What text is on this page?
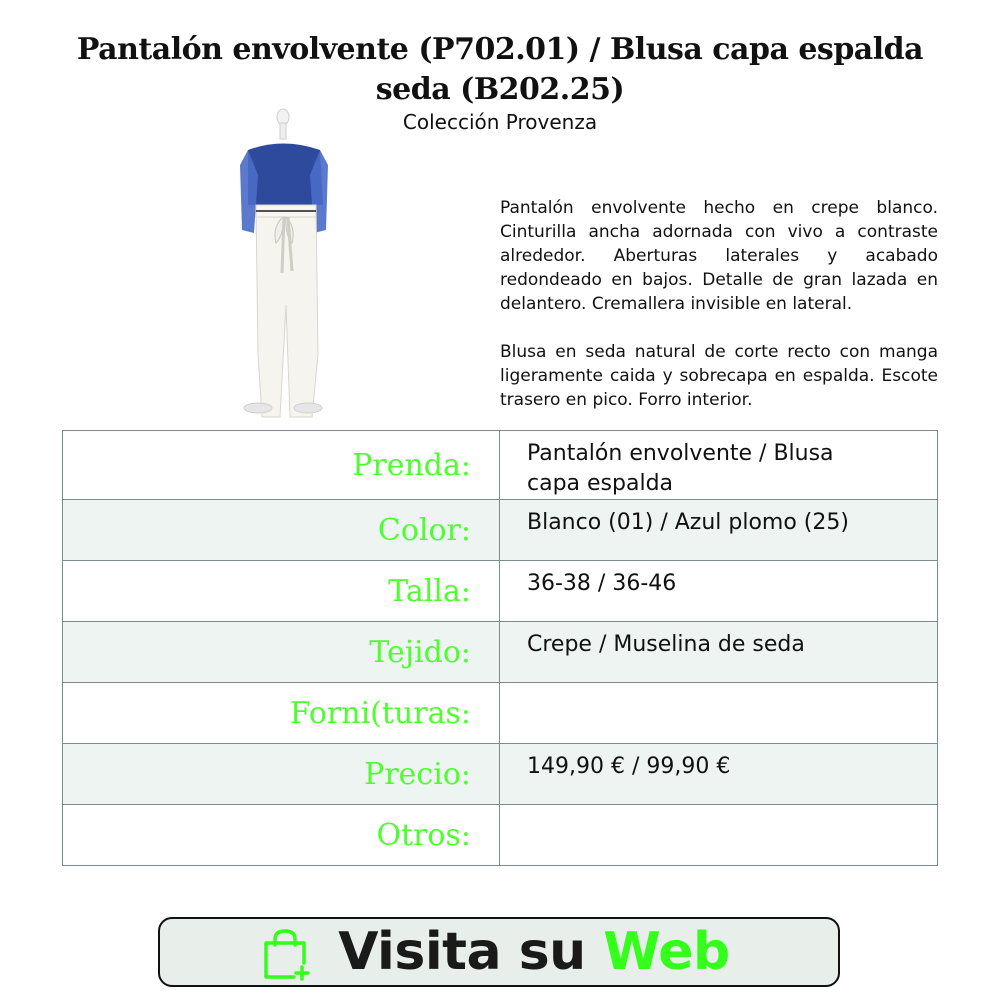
Pantalón envolvente (P702.01) / Blusa capa espalda seda (B202.25)
Colección Provenza

Pantalón envolvente hecho en crepe blanco. Cinturilla ancha adornada con vivo a contraste alrededor. Aberturas laterales y acabado redondeado en bajos. Detalle de gran lazada en delantero. Cremallera invisible en lateral.

Blusa en seda natural de corte recto con manga ligeramente caida y sobrecapa en espalda. Escote trasero en pico. Forro interior.

Prenda:	Pantalón envolvente / Blusa capa espalda
Color:	Blanco (01) / Azul plomo (25)
Talla:	36-38 / 36-46
Tejido:	Crepe / Muselina de seda
Forni(turas:	
Precio:	149,90 € / 99,90 €
Otros:	
Visita su Web
